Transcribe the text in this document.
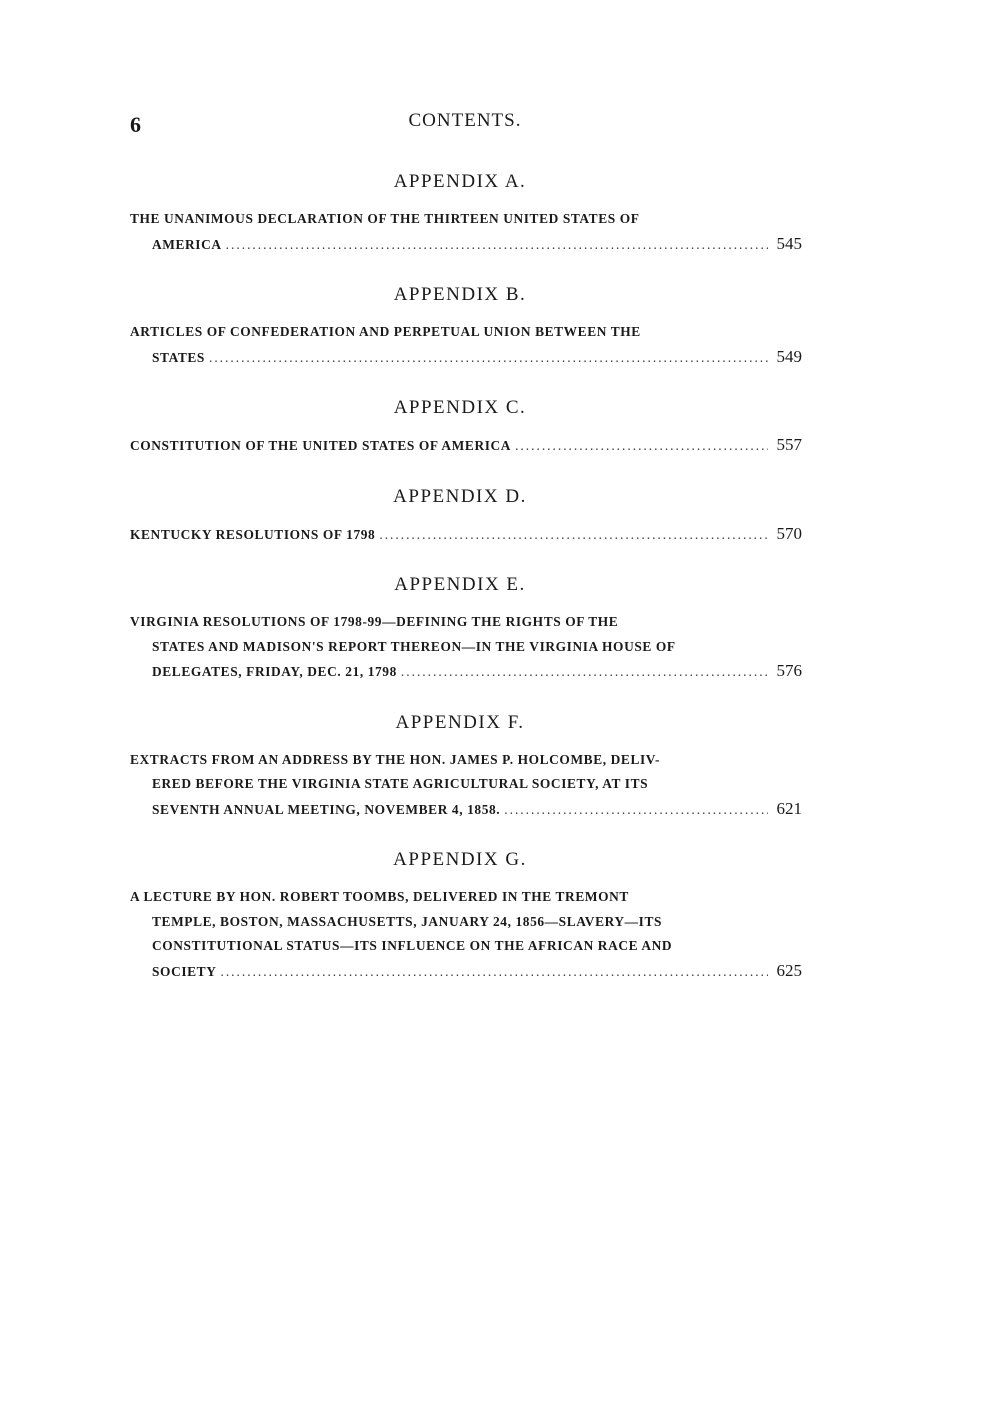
6	CONTENTS.
APPENDIX A.
THE UNANIMOUS DECLARATION OF THE THIRTEEN UNITED STATES OF
AMERICA .....	545
APPENDIX B.
ARTICLES OF CONFEDERATION AND PERPETUAL UNION BETWEEN THE
STATES .....	549
APPENDIX C.
CONSTITUTION OF THE UNITED STATES OF AMERICA .....	557
APPENDIX D.
KENTUCKY RESOLUTIONS OF 1798 .....	570
APPENDIX E.
VIRGINIA RESOLUTIONS OF 1798-99—DEFINING THE RIGHTS OF THE
STATES AND MADISON'S REPORT THEREON—IN THE VIRGINIA HOUSE OF
DELEGATES, FRIDAY, DEC. 21, 1798 .....	576
APPENDIX F.
EXTRACTS FROM AN ADDRESS BY THE HON. JAMES P. HOLCOMBE, DELIV-
ERED BEFORE THE VIRGINIA STATE AGRICULTURAL SOCIETY, AT ITS
SEVENTH ANNUAL MEETING, NOVEMBER 4, 1858. .....	621
APPENDIX G.
A LECTURE BY HON. ROBERT TOOMBS, DELIVERED IN THE TREMONT
TEMPLE, BOSTON, MASSACHUSETTS, JANUARY 24, 1856—SLAVERY—ITS
CONSTITUTIONAL STATUS—ITS INFLUENCE ON THE AFRICAN RACE AND
SOCIETY .....	625
